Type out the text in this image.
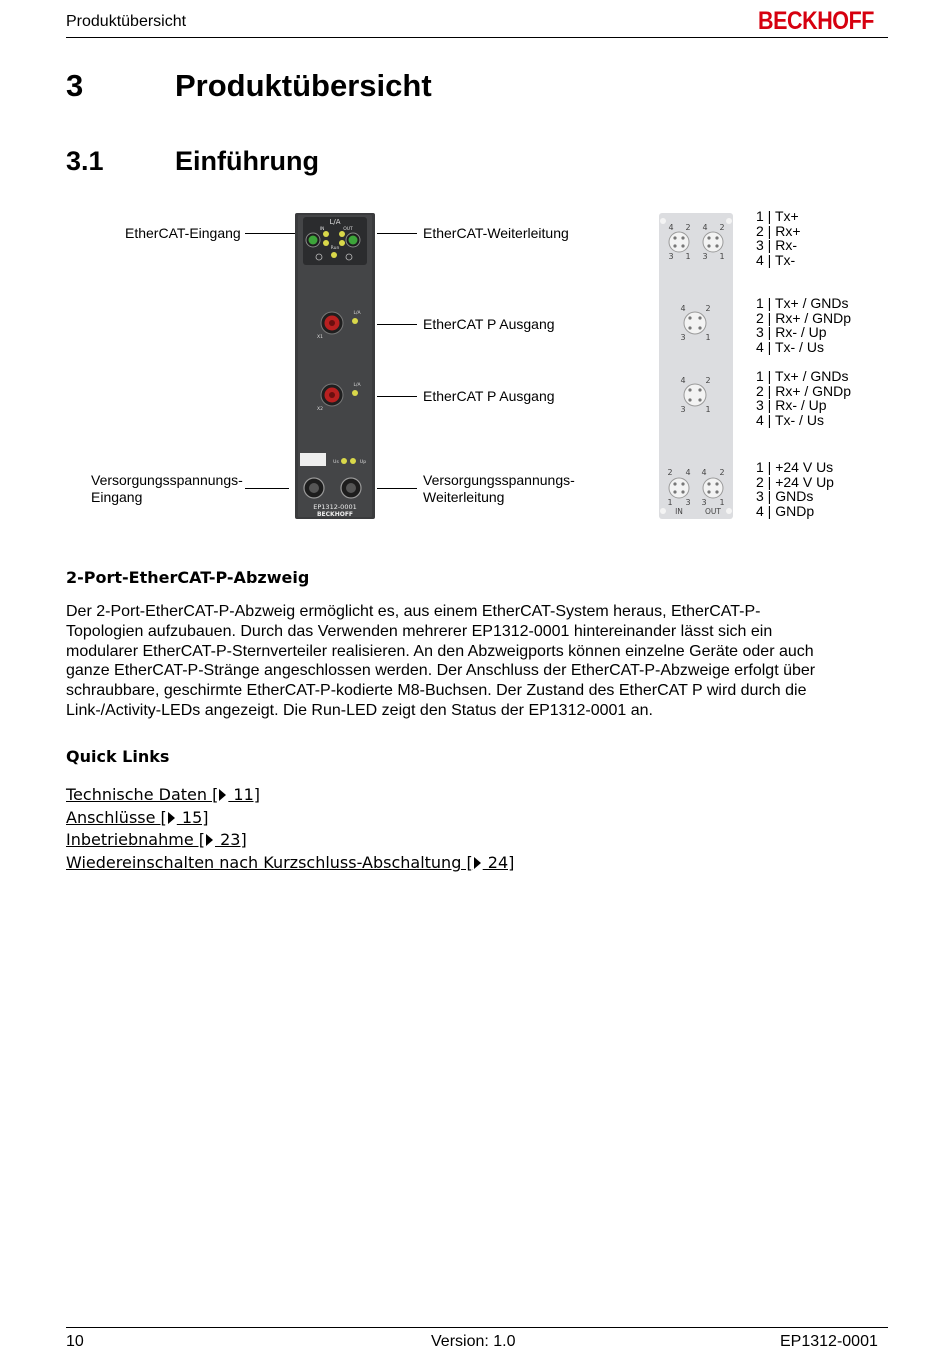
Produktübersicht	BECKHOFF
3	Produktübersicht
3.1	Einführung
EtherCAT-Eingang
Versorgungsspannungs-
Eingang
EtherCAT-Weiterleitung
EtherCAT P Ausgang
EtherCAT P Ausgang
Versorgungsspannungs-
Weiterleitung
L/A
IN	OUT
Run
L/A
X1
L/A
X2
Us	Up
EP1312-0001
BECKHOFF
4 2 4 2
3 1 3 1
4 2
3 1
4 2
3 1
2 4 4 2
1 3 3 1
IN	OUT
1 | Tx+
2 | Rx+
3 | Rx-
4 | Tx-
1 | Tx+ / GNDs
2 | Rx+ / GNDp
3 | Rx- / Up
4 | Tx- / Us
1 | Tx+ / GNDs
2 | Rx+ / GNDp
3 | Rx- / Up
4 | Tx- / Us
1 | +24 V Us
2 | +24 V Up
3 | GNDs
4 | GNDp
2-Port-EtherCAT-P-Abzweig
Der 2-Port-EtherCAT-P-Abzweig ermöglicht es, aus einem EtherCAT-System heraus, EtherCAT-P-
Topologien aufzubauen. Durch das Verwenden mehrerer EP1312-0001 hintereinander lässt sich ein
modularer EtherCAT-P-Sternverteiler realisieren. An den Abzweigports können einzelne Geräte oder auch
ganze EtherCAT-P-Stränge angeschlossen werden. Der Anschluss der EtherCAT-P-Abzweige erfolgt über
schraubbare, geschirmte EtherCAT-P-kodierte M8-Buchsen. Der Zustand des EtherCAT P wird durch die
Link-/Activity-LEDs angezeigt. Die Run-LED zeigt den Status der EP1312-0001 an.
Quick Links
Technische Daten [ 11]
Anschlüsse [ 15]
Inbetriebnahme [ 23]
Wiedereinschalten nach Kurzschluss-Abschaltung [ 24]
10	Version: 1.0	EP1312-0001
